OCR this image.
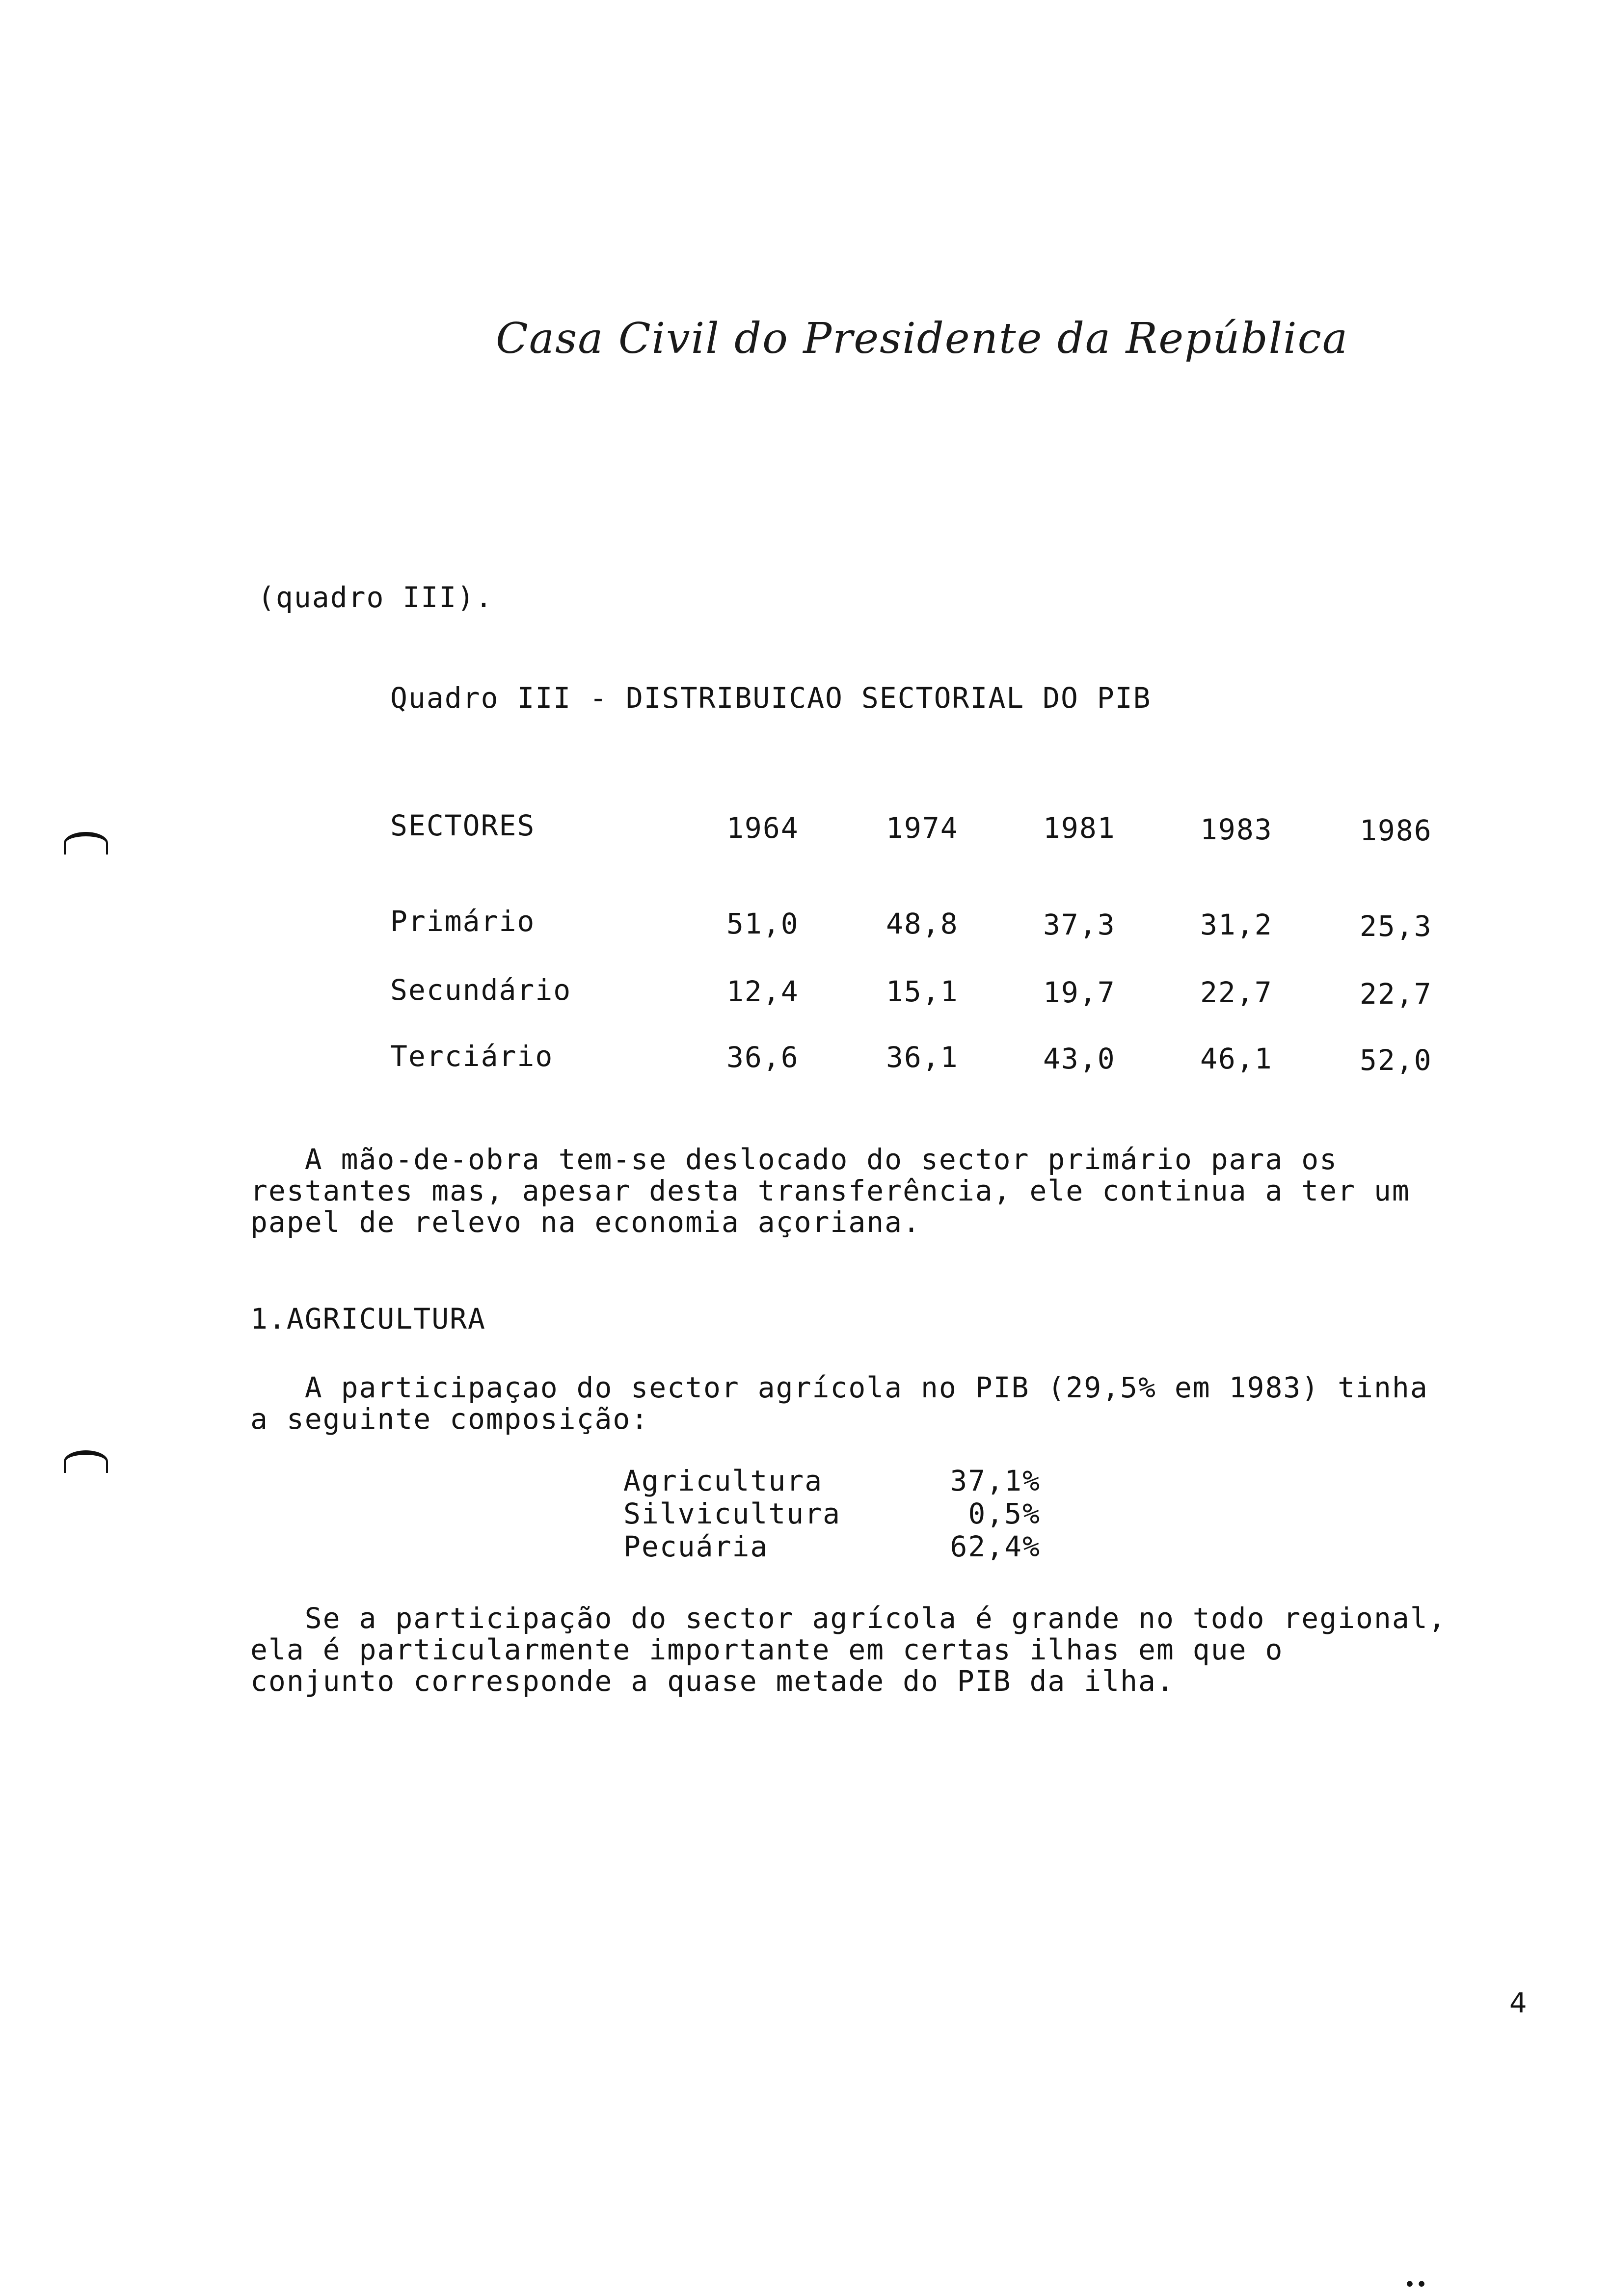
Casa Civil do Presidente da República
(quadro III).
Quadro III - DISTRIBUICAO SECTORIAL DO PIB
SECTORES	1964	1974	1981	1983	1986
Primário	51,0	48,8	37,3	31,2	25,3
Secundário	12,4	15,1	19,7	22,7	22,7
Terciário	36,6	36,1	43,0	46,1	52,0
A mão-de-obra tem-se deslocado do sector primário para os
restantes mas, apesar desta transferência, ele continua a ter um
papel de relevo na economia açoriana.
1.AGRICULTURA
A participaçao do sector agrícola no PIB (29,5% em 1983) tinha
a seguinte composição:
Agricultura	37,1%
Silvicultura	0,5%
Pecuária	62,4%
Se a participação do sector agrícola é grande no todo regional,
ela é particularmente importante em certas ilhas em que o
conjunto corresponde a quase metade do PIB da ilha.
4
••
